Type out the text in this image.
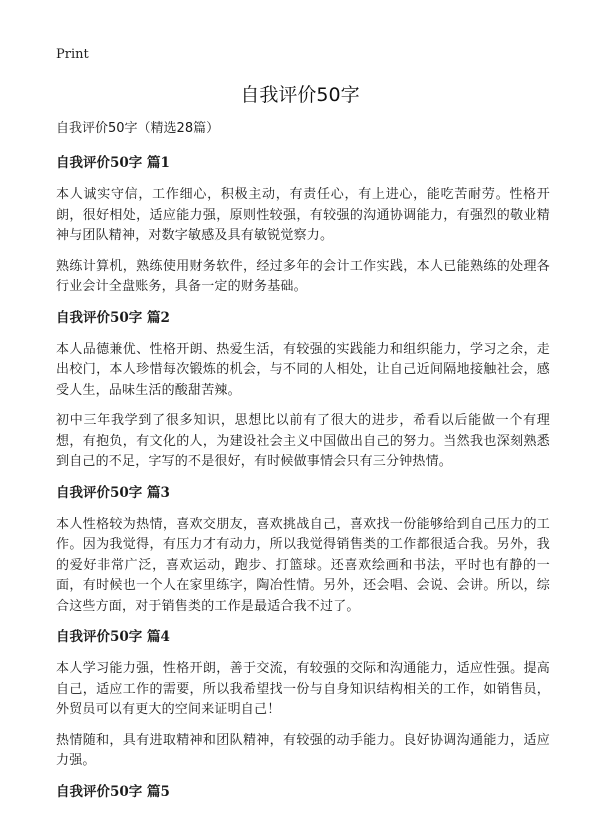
Print
自我评价50字

自我评价50字（精选28篇）

自我评价50字 篇1

本人诚实守信，工作细心，积极主动，有责任心，有上进心，能吃苦耐劳。性格开朗，很好相处，适应能力强，原则性较强，有较强的沟通协调能力，有强烈的敬业精神与团队精神，对数字敏感及具有敏锐觉察力。

熟练计算机，熟练使用财务软件，经过多年的会计工作实践，本人已能熟练的处理各行业会计全盘账务，具备一定的财务基础。

自我评价50字 篇2

本人品德兼优、性格开朗、热爱生活，有较强的实践能力和组织能力，学习之余，走出校门，本人珍惜每次锻炼的机会，与不同的人相处，让自己近间隔地接触社会，感受人生，品味生活的酸甜苦辣。

初中三年我学到了很多知识，思想比以前有了很大的进步，希看以后能做一个有理想，有抱负，有文化的人，为建设社会主义中国做出自己的努力。当然我也深刻熟悉到自己的不足，字写的不是很好，有时候做事情会只有三分钟热情。

自我评价50字 篇3

本人性格较为热情，喜欢交朋友，喜欢挑战自己，喜欢找一份能够给到自己压力的工作。因为我觉得，有压力才有动力，所以我觉得销售类的工作都很适合我。另外，我的爱好非常广泛，喜欢运动，跑步、打篮球。还喜欢绘画和书法，平时也有静的一面，有时候也一个人在家里练字，陶冶性情。另外，还会唱、会说、会讲。所以，综合这些方面，对于销售类的工作是最适合我不过了。

自我评价50字 篇4

本人学习能力强，性格开朗，善于交流，有较强的交际和沟通能力，适应性强。提高自己，适应工作的需要，所以我希望找一份与自身知识结构相关的工作，如销售员，外贸员可以有更大的空间来证明自己！

热情随和，具有进取精神和团队精神，有较强的动手能力。良好协调沟通能力，适应力强。

自我评价50字 篇5
